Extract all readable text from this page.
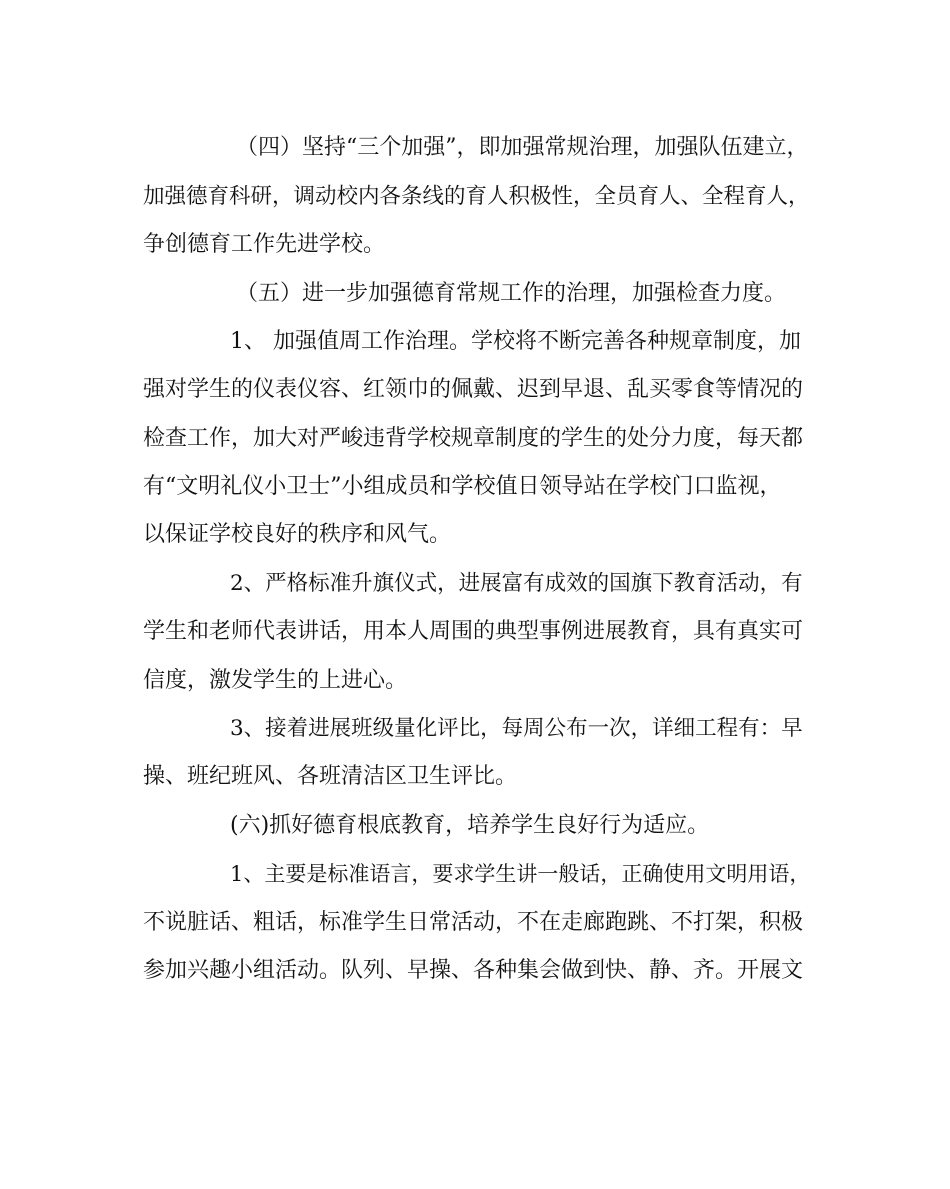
（四）坚持“三个加强”，即加强常规治理，加强队伍建立，

加强德育科研，调动校内各条线的育人积极性，全员育人、全程育人，

争创德育工作先进学校。

（五）进一步加强德育常规工作的治理，加强检查力度。

1、 加强值周工作治理。学校将不断完善各种规章制度，加

强对学生的仪表仪容、红领巾的佩戴、迟到早退、乱买零食等情况的

检查工作，加大对严峻违背学校规章制度的学生的处分力度，每天都

有“文明礼仪小卫士”小组成员和学校值日领导站在学校门口监视，

以保证学校良好的秩序和风气。

2、严格标准升旗仪式，进展富有成效的国旗下教育活动，有

学生和老师代表讲话，用本人周围的典型事例进展教育，具有真实可

信度，激发学生的上进心。

3、接着进展班级量化评比，每周公布一次，详细工程有：早

操、班纪班风、各班清洁区卫生评比。

(六)抓好德育根底教育，培养学生良好行为适应。

1、主要是标准语言，要求学生讲一般话，正确使用文明用语，

不说脏话、粗话，标准学生日常活动，不在走廊跑跳、不打架，积极

参加兴趣小组活动。队列、早操、各种集会做到快、静、齐。开展文
